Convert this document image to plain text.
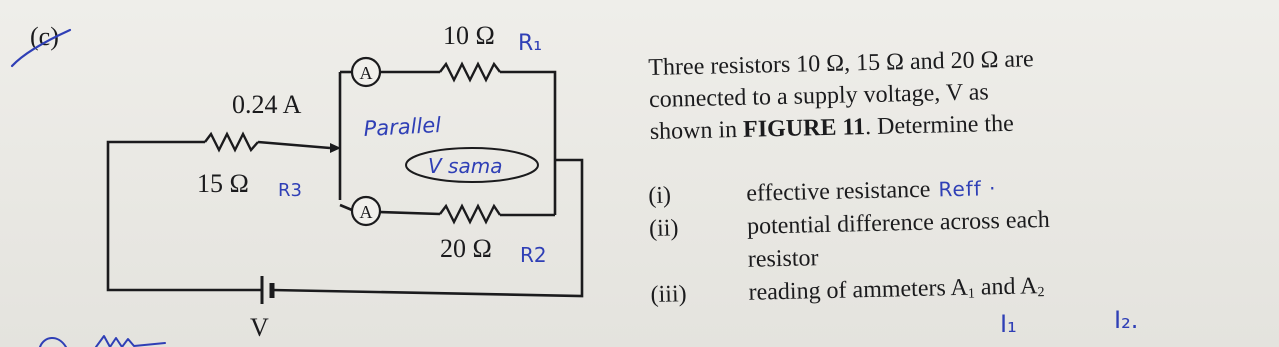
(c)
A
A
10 Ω
0.24 A
15 Ω
20 Ω
V
R₁
R3
R2
Parallel
V sama

Three resistors 10 Ω, 15 Ω and 20 Ω are

connected to a supply voltage, V as

shown in FIGURE 11. Determine the

(i)	effective resistance Reff ·
(ii)	potential difference across each
resistor
(iii)	reading of ammeters $A_1$ and $A_2$
I₁	I₂.
